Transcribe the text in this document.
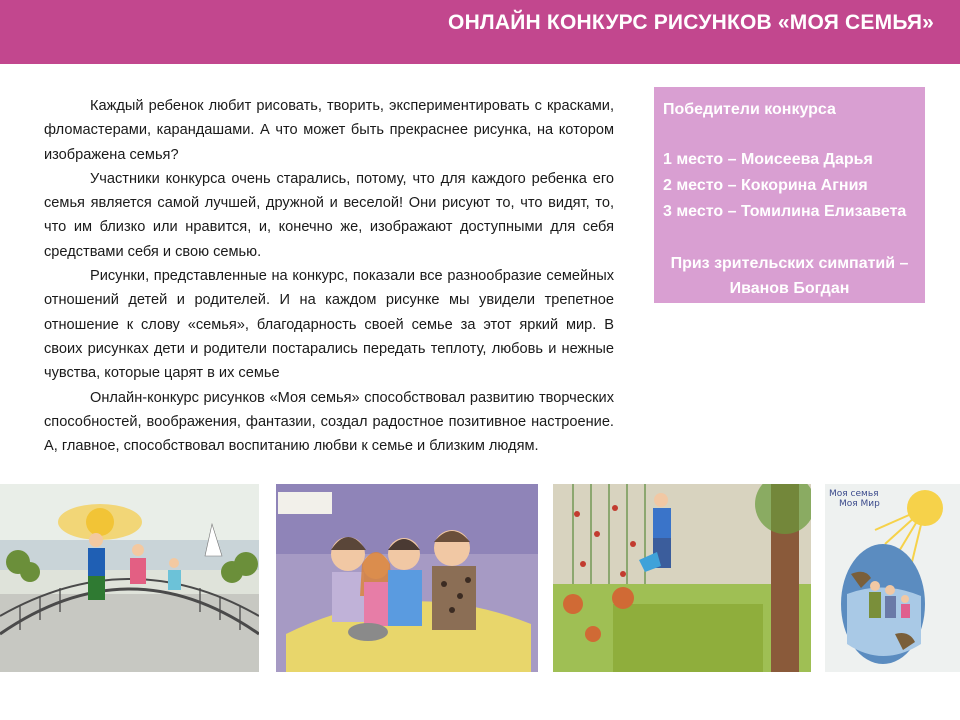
ОНЛАЙН КОНКУРС РИСУНКОВ «МОЯ СЕМЬЯ»

Каждый ребенок любит рисовать, творить, экспериментировать с красками, фломастерами, карандашами. А что может быть прекраснее рисунка, на котором изображена семья?

Участники конкурса очень старались, потому, что для каждого ребенка его семья является самой лучшей, дружной и веселой! Они рисуют то, что видят, то, что им близко или нравится, и, конечно же, изображают доступными для себя средствами себя и свою семью.

Рисунки, представленные на конкурс, показали все разнообразие семейных отношений детей и родителей. И на каждом рисунке мы увидели трепетное отношение к слову «семья», благодарность своей семье за этот яркий мир. В своих рисунках дети и родители постарались передать теплоту, любовь и нежные чувства, которые царят в их семье

Онлайн-конкурс рисунков «Моя семья» способствовал развитию творческих способностей, воображения, фантазии, создал радостное позитивное настроение. А, главное, способствовал воспитанию любви к семье и близким людям.

Победители конкурса
1 место – Моисеева Дарья
2 место – Кокорина Агния
3 место – Томилина Елизавета
Приз зрительских симпатий –
Иванов Богдан
Моя семья
Моя Мир
